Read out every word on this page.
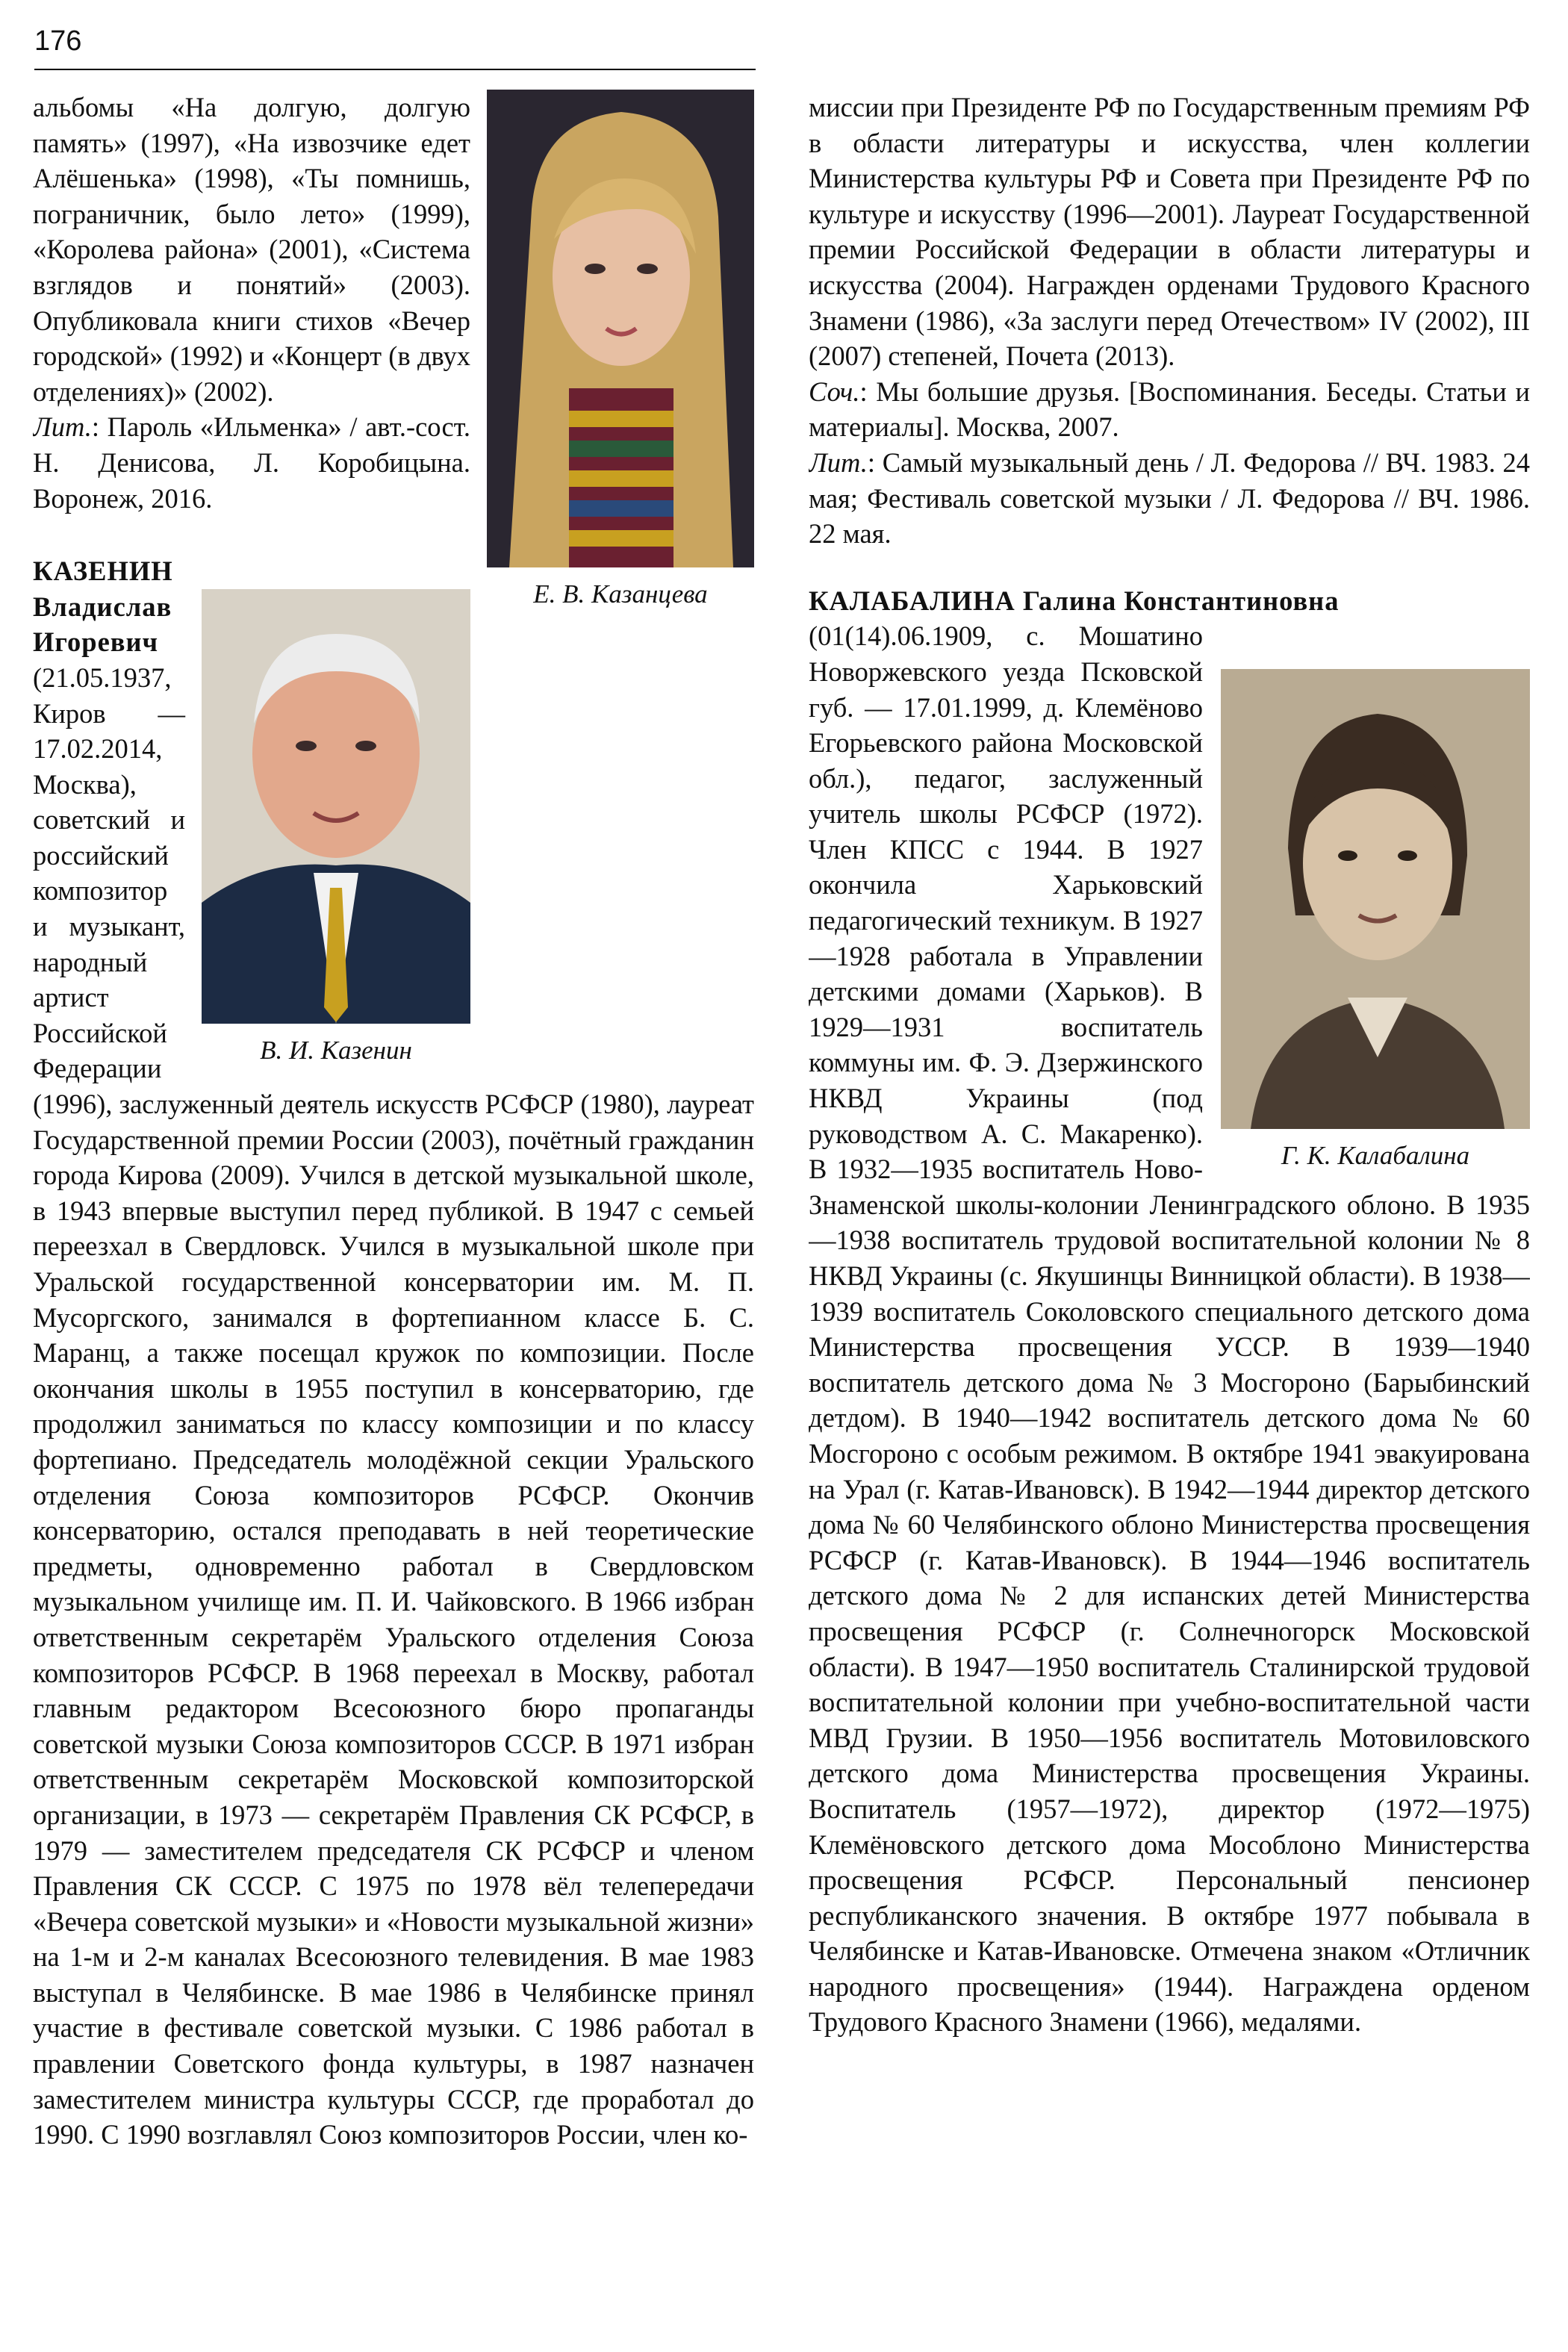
176
Е. В. Казанцева

альбомы «На долгую, долгую память» (1997), «На извозчике едет Алёшенька» (1998), «Ты помнишь, пограничник, было лето» (1999), «Королева района» (2001), «Система взглядов и понятий» (2003). Опубликовала книги стихов «Вечер городской» (1992) и «Концерт (в двух отделениях)» (2002).

Лит.: Пароль «Ильменка» / авт.-сост. Н. Денисова, Л. Коробицына. Воронеж, 2016.

В. И. Казенин

КАЗЕНИН Владислав Игоревич (21.05.1937, Киров — 17.02.2014, Москва), советский и российский композитор и музыкант, народный артист Российской Федерации (1996), заслуженный деятель искусств РСФСР (1980), лауреат Государственной премии России (2003), почётный гражданин города Кирова (2009). Учился в детской музыкальной школе, в 1943 впервые выступил перед публикой. В 1947 с семьей переезхал в Свердловск. Учился в музыкальной школе при Уральской государственной консерватории им. М. П. Мусоргского, занимался в фортепианном классе Б. С. Маранц, а также посещал кружок по композиции. После окончания школы в 1955 поступил в консерваторию, где продолжил заниматься по классу композиции и по классу фортепиано. Председатель молодёжной секции Уральского отделения Союза композиторов РСФСР. Окончив консерваторию, остался преподавать в ней теоретические предметы, одновременно работал в Свердловском музыкальном училище им. П. И. Чайковского. В 1966 избран ответственным секретарём Уральского отделения Союза композиторов РСФСР. В 1968 переехал в Москву, работал главным редактором Всесоюзного бюро пропаганды советской музыки Союза композиторов СССР. В 1971 избран ответственным секретарём Московской композиторской организации, в 1973 — секретарём Правления СК РСФСР, в 1979 — заместителем председателя СК РСФСР и членом Правления СК СССР. С 1975 по 1978 вёл телепередачи «Вечера советской музыки» и «Новости музыкальной жизни» на 1-м и 2-м каналах Всесоюзного телевидения. В мае 1983 выступал в Челябинске. В мае 1986 в Челябинске принял участие в фестивале советской музыки. С 1986 работал в правлении Советского фонда культуры, в 1987 назначен заместителем министра культуры СССР, где проработал до 1990. С 1990 возглавлял Союз композиторов России, член ко-

миссии при Президенте РФ по Государственным премиям РФ в области литературы и искусства, член коллегии Министерства культуры РФ и Совета при Президенте РФ по культуре и искусству (1996—2001). Лауреат Государственной премии Российской Федерации в области литературы и искусства (2004). Награжден орденами Трудового Красного Знамени (1986), «За заслуги перед Отечеством» IV (2002), III (2007) степеней, Почета (2013).

Соч.: Мы большие друзья. [Воспоминания. Беседы. Статьи и материалы]. Москва, 2007.

Лит.: Самый музыкальный день / Л. Федорова // ВЧ. 1983. 24 мая; Фестиваль советской музыки / Л. Федорова // ВЧ. 1986. 22 мая.

КАЛАБАЛИНА Галина Константиновна

Г. К. Калабалина

(01(14).06.1909, с. Мошатино Новоржевского уезда Псковской губ. — 17.01.1999, д. Клемёново Егорьевского района Московской обл.), педагог, заслуженный учитель школы РСФСР (1972). Член КПСС с 1944. В 1927 окончила Харьковский педагогический техникум. В 1927—1928 работала в Управлении детскими домами (Харьков). В 1929—1931 воспитатель коммуны им. Ф. Э. Дзержинского НКВД Украины (под руководством А. С. Макаренко). В 1932—1935 воспитатель Ново-Знаменской школы-колонии Ленинградского облоно. В 1935—1938 воспитатель трудовой воспитательной колонии № 8 НКВД Украины (с. Якушинцы Винницкой области). В 1938—1939 воспитатель Соколовского специального детского дома Министерства просвещения УССР. В 1939—1940 воспитатель детского дома № 3 Мосгороно (Барыбинский детдом). В 1940—1942 воспитатель детского дома № 60 Мосгороно с особым режимом. В октябре 1941 эвакуирована на Урал (г. Катав-Ивановск). В 1942—1944 директор детского дома № 60 Челябинского облоно Министерства просвещения РСФСР (г. Катав-Ивановск). В 1944—1946 воспитатель детского дома № 2 для испанских детей Министерства просвещения РСФСР (г. Солнечногорск Московской области). В 1947—1950 воспитатель Сталинирской трудовой воспитательной колонии при учебно-воспитательной части МВД Грузии. В 1950—1956 воспитатель Мотовиловского детского дома Министерства просвещения Украины. Воспитатель (1957—1972), директор (1972—1975) Клемёновского детского дома Мособлоно Министерства просвещения РСФСР. Персональный пенсионер республиканского значения. В октябре 1977 побывала в Челябинске и Катав-Ивановске. Отмечена знаком «Отличник народного просвещения» (1944). Награждена орденом Трудового Красного Знамени (1966), медалями.
